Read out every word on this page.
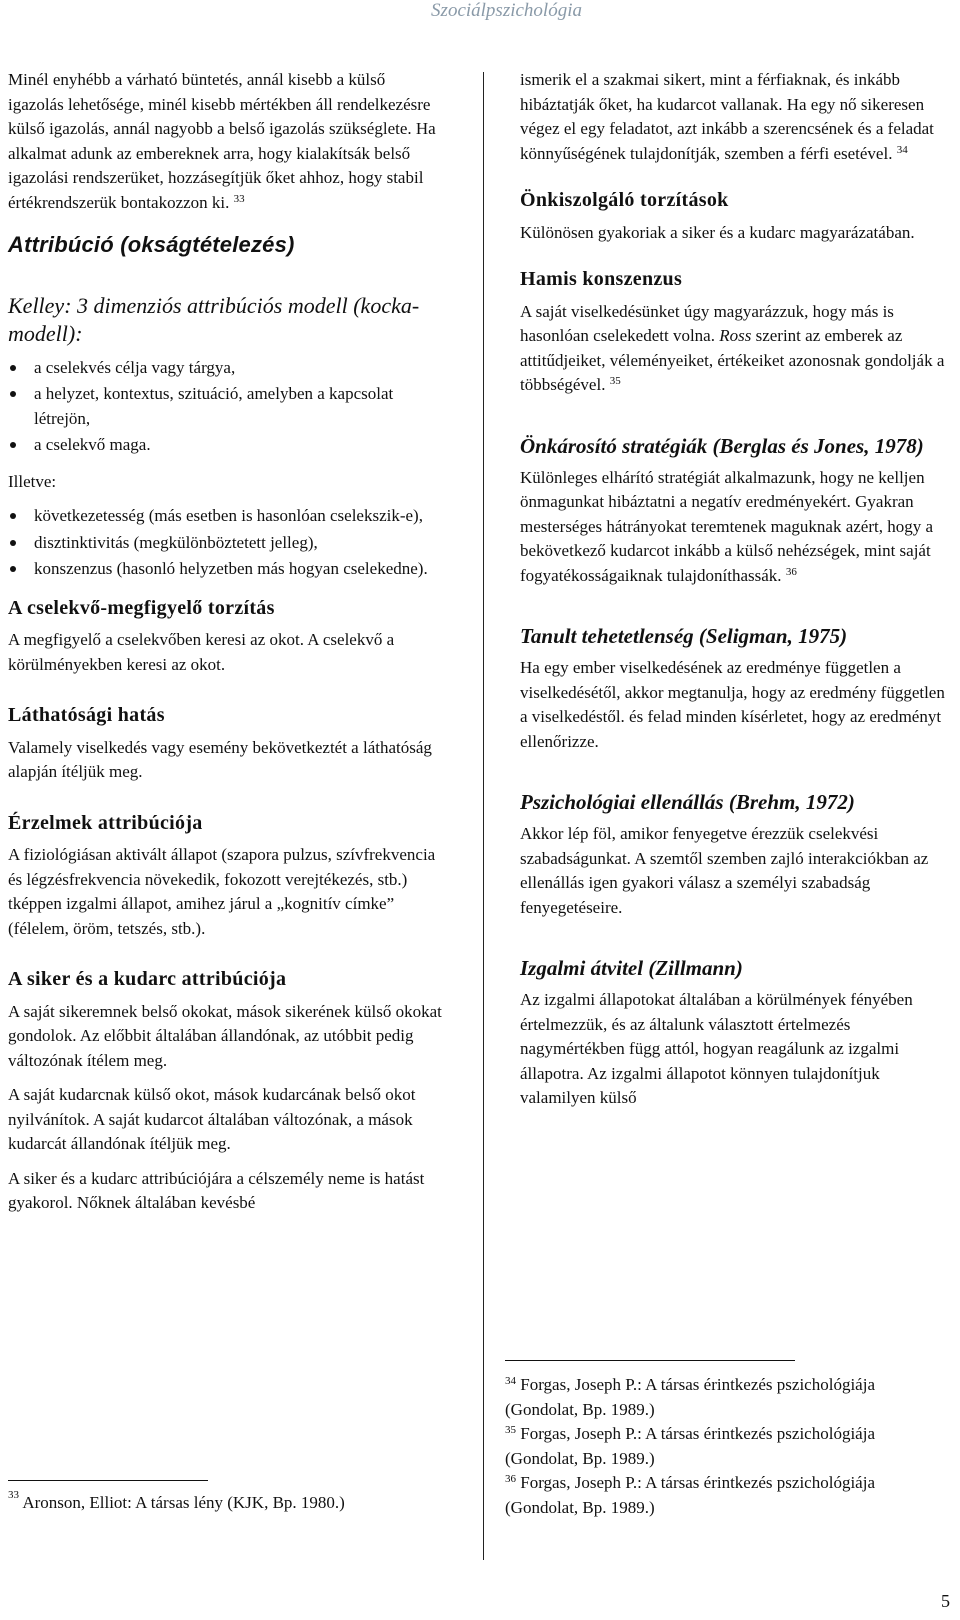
Szociálpszichológia

Minél enyhébb a várható büntetés, annál kisebb a külső igazolás lehetősége, minél kisebb mértékben áll rendelkezésre külső igazolás, annál nagyobb a belső igazolás szükséglete. Ha alkalmat adunk az embereknek arra, hogy kialakítsák belső igazolási rendszerüket, hozzásegítjük őket ahhoz, hogy stabil értékrendszerük bontakozzon ki. $^{33}$

Attribúció (okságtételezés)
Kelley: 3 dimenziós attribúciós modell (kocka-modell):
a cselekvés célja vagy tárgya,
a helyzet, kontextus, szituáció, amelyben a kapcsolat létrejön,
a cselekvő maga.
Illetve:
következetesség (más esetben is hasonlóan cselekszik-e),
disztinktivitás (megkülönböztetett jelleg),
konszenzus (hasonló helyzetben más hogyan cselekedne).
A cselekvő-megfigyelő torzítás

A megfigyelő a cselekvőben keresi az okot. A cselekvő a körülményekben keresi az okot.

Láthatósági hatás

Valamely viselkedés vagy esemény bekövetkeztét a láthatóság alapján ítéljük meg.

Érzelmek attribúciója

A fiziológiásan aktivált állapot (szapora pulzus, szívfrekvencia és légzésfrekvencia növekedik, fokozott verejtékezés, stb.) tképpen izgalmi állapot, amihez járul a „kognitív címke” (félelem, öröm, tetszés, stb.).

A siker és a kudarc attribúciója

A saját sikeremnek belső okokat, mások sikerének külső okokat gondolok. Az előbbit általában állandónak, az utóbbit pedig változónak ítélem meg.

A saját kudarcnak külső okot, mások kudarcának belső okot nyilvánítok. A saját kudarcot általában változónak, a mások kudarcát állandónak ítéljük meg.

A siker és a kudarc attribúciójára a célszemély neme is hatást gyakorol. Nőknek általában kevésbé

$^{33}$ Aronson, Elliot: A társas lény (KJK, Bp. 1980.)

ismerik el a szakmai sikert, mint a férfiaknak, és inkább hibáztatják őket, ha kudarcot vallanak. Ha egy nő sikeresen végez el egy feladatot, azt inkább a szerencsének és a feladat könnyűségének tulajdonítják, szemben a férfi esetével. $^{34}$

Önkiszolgáló torzítások

Különösen gyakoriak a siker és a kudarc magyarázatában.

Hamis konszenzus

A saját viselkedésünket úgy magyarázzuk, hogy más is hasonlóan cselekedett volna. Ross szerint az emberek az attitűdjeiket, véleményeiket, értékeiket azonosnak gondolják a többségével. $^{35}$

Önkárosító stratégiák (Berglas és Jones, 1978)

Különleges elhárító stratégiát alkalmazunk, hogy ne kelljen önmagunkat hibáztatni a negatív eredményekért. Gyakran mesterséges hátrányokat teremtenek maguknak azért, hogy a bekövetkező kudarcot inkább a külső nehézségek, mint saját fogyatékosságaiknak tulajdoníthassák. $^{36}$

Tanult tehetetlenség (Seligman, 1975)

Ha egy ember viselkedésének az eredménye független a viselkedésétől, akkor megtanulja, hogy az eredmény független a viselkedéstől. és felad minden kísérletet, hogy az eredményt ellenőrizze.

Pszichológiai ellenállás (Brehm, 1972)

Akkor lép föl, amikor fenyegetve érezzük cselekvési szabadságunkat. A szemtől szemben zajló interakciókban az ellenállás igen gyakori válasz a személyi szabadság fenyegetéseire.

Izgalmi átvitel (Zillmann)

Az izgalmi állapotokat általában a körülmények fényében értelmezzük, és az általunk választott értelmezés nagymértékben függ attól, hogyan reagálunk az izgalmi állapotra. Az izgalmi állapotot könnyen tulajdonítjuk valamilyen külső

$^{34}$ Forgas, Joseph P.: A társas érintkezés pszichológiája (Gondolat, Bp. 1989.)
$^{35}$ Forgas, Joseph P.: A társas érintkezés pszichológiája (Gondolat, Bp. 1989.)
$^{36}$ Forgas, Joseph P.: A társas érintkezés pszichológiája (Gondolat, Bp. 1989.)
5
